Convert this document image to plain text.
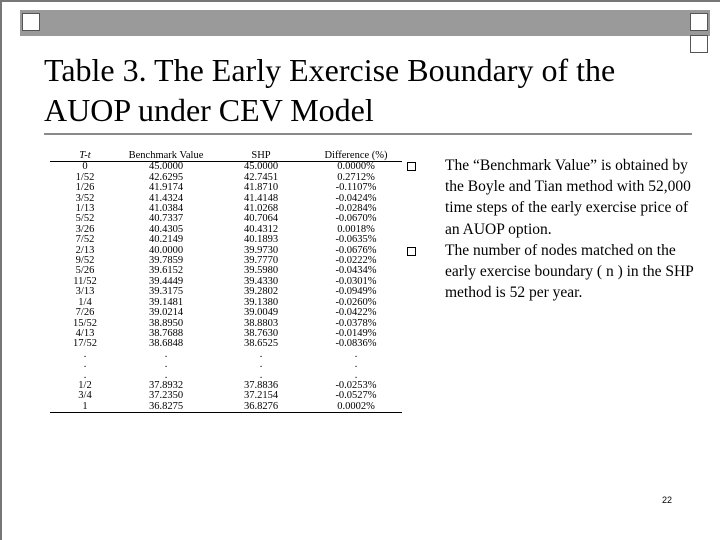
Table 3. The Early Exercise Boundary of the AUOP under CEV Model
T-t	Benchmark Value	SHP	Difference (%)
0	45.0000	45.0000	0.0000%
1/52	42.6295	42.7451	0.2712%
1/26	41.9174	41.8710	-0.1107%
3/52	41.4324	41.4148	-0.0424%
1/13	41.0384	41.0268	-0.0284%
5/52	40.7337	40.7064	-0.0670%
3/26	40.4305	40.4312	0.0018%
7/52	40.2149	40.1893	-0.0635%
2/13	40.0000	39.9730	-0.0676%
9/52	39.7859	39.7770	-0.0222%
5/26	39.6152	39.5980	-0.0434%
11/52	39.4449	39.4330	-0.0301%
3/13	39.3175	39.2802	-0.0949%
1/4	39.1481	39.1380	-0.0260%
7/26	39.0214	39.0049	-0.0422%
15/52	38.8950	38.8803	-0.0378%
4/13	38.7688	38.7630	-0.0149%
17/52	38.6848	38.6525	-0.0836%
.	.	.	.
.	.	.	.
.	.	.	.
1/2	37.8932	37.8836	-0.0253%
3/4	37.2350	37.2154	-0.0527%
1	36.8275	36.8276	0.0002%
The “Benchmark Value” is obtained by the Boyle and Tian method with 52,000 time steps of the early exercise price of an AUOP option.
The number of nodes matched on the early exercise boundary ( n ) in the SHP method is 52 per year.
22
